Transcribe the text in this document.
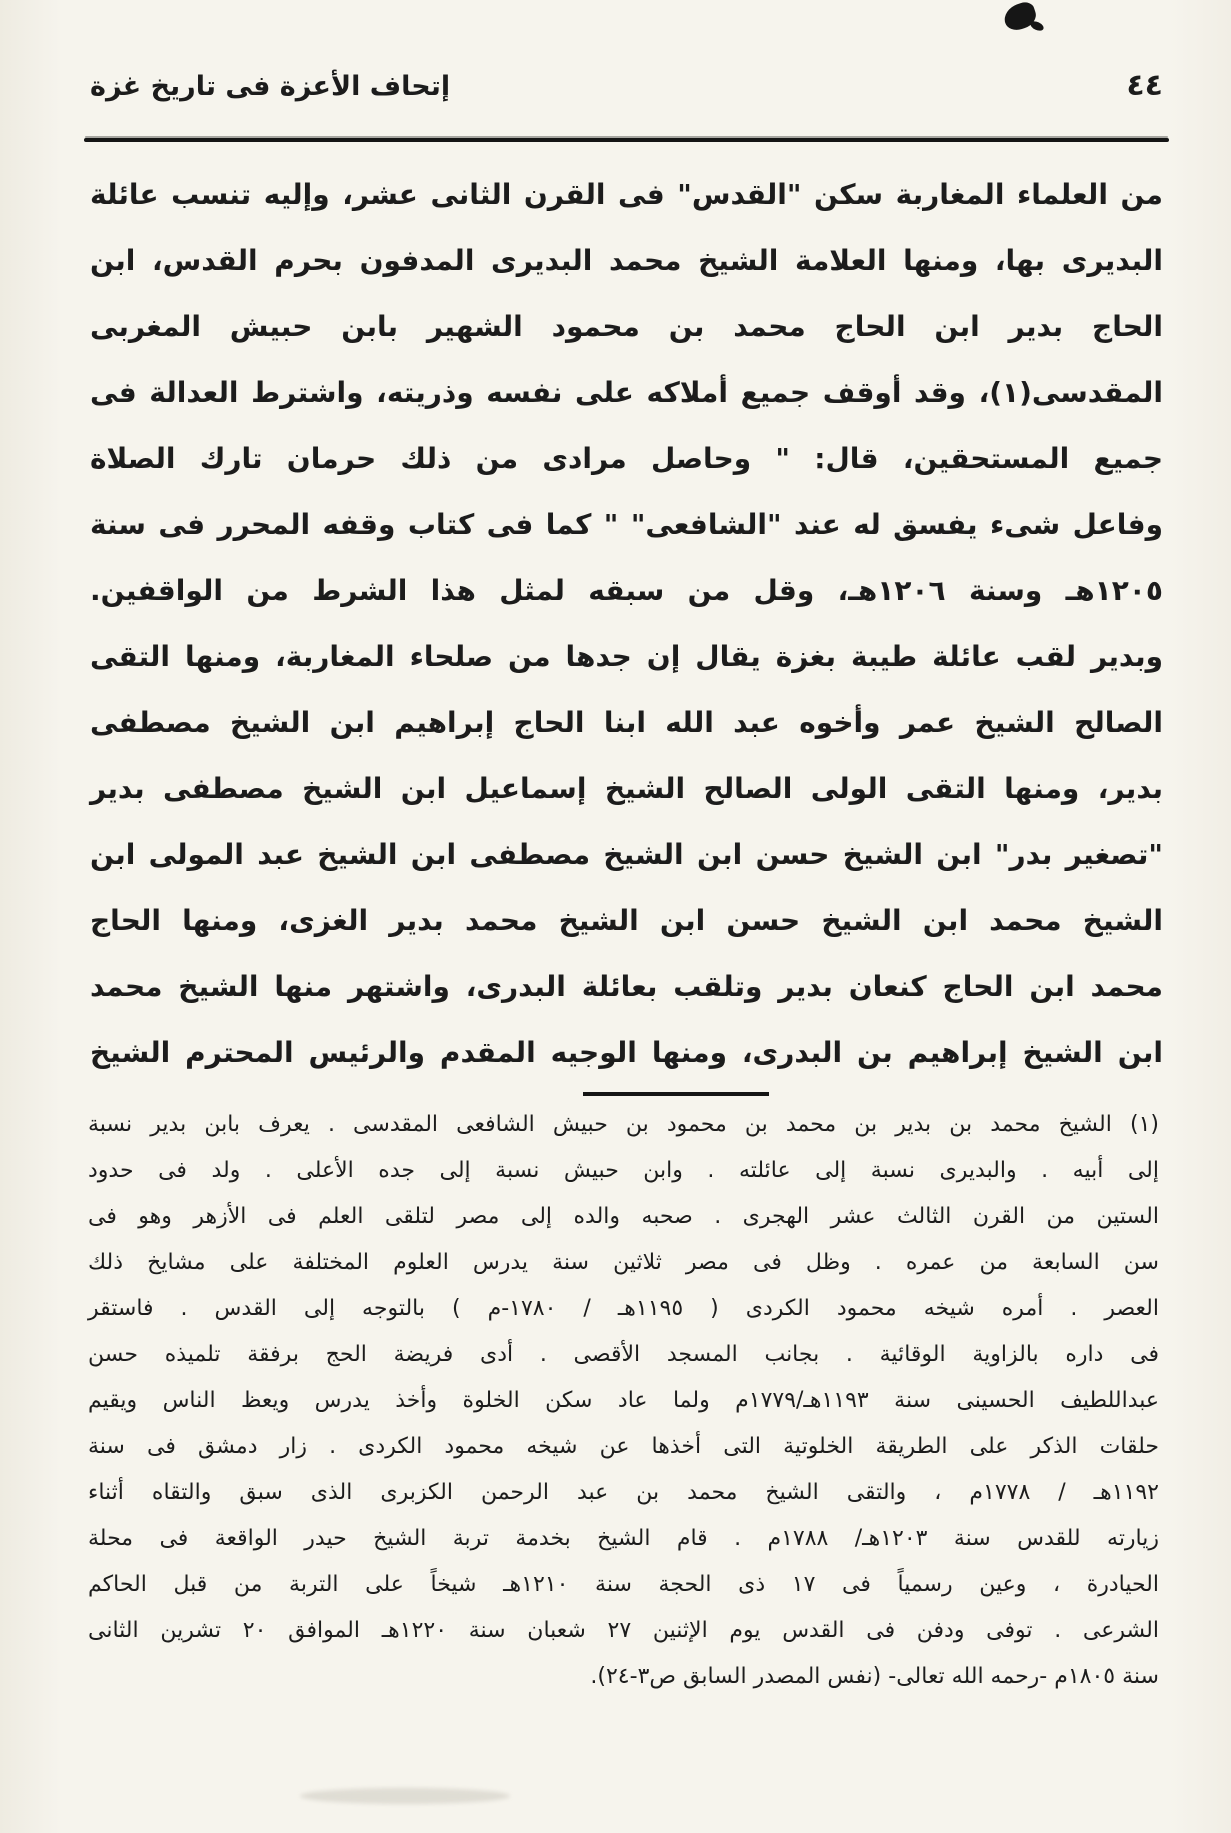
٤٤
إتحاف الأعزة فى تاريخ غزة
من العلماء المغاربة سكن "القدس" فى القرن الثانى عشر، وإليه تنسب عائلة
البديرى بها، ومنها العلامة الشيخ محمد البديرى المدفون بحرم القدس، ابن
الحاج بدير ابن الحاج محمد بن محمود الشهير بابن حبيش المغربى
المقدسى(١)، وقد أوقف جميع أملاكه على نفسه وذريته، واشترط العدالة فى
جميع المستحقين، قال: " وحاصل مرادى من ذلك حرمان تارك الصلاة
وفاعل شىء يفسق له عند "الشافعى" " كما فى كتاب وقفه المحرر فى سنة
١٢٠٥هـ وسنة ١٢٠٦هـ، وقل من سبقه لمثل هذا الشرط من الواقفين.
وبدير لقب عائلة طيبة بغزة يقال إن جدها من صلحاء المغاربة، ومنها التقى
الصالح الشيخ عمر وأخوه عبد الله ابنا الحاج إبراهيم ابن الشيخ مصطفى
بدير، ومنها التقى الولى الصالح الشيخ إسماعيل ابن الشيخ مصطفى بدير
"تصغير بدر" ابن الشيخ حسن ابن الشيخ مصطفى ابن الشيخ عبد المولى ابن
الشيخ محمد ابن الشيخ حسن ابن الشيخ محمد بدير الغزى، ومنها الحاج
محمد ابن الحاج كنعان بدير وتلقب بعائلة البدرى، واشتهر منها الشيخ محمد
ابن الشيخ إبراهيم بن البدرى، ومنها الوجيه المقدم والرئيس المحترم الشيخ
(١) الشيخ محمد بن بدير بن محمد بن محمود بن حبيش الشافعى المقدسى . يعرف بابن بدير نسبة
إلى أبيه . والبديرى نسبة إلى عائلته . وابن حبيش نسبة إلى جده الأعلى . ولد فى حدود
الستين من القرن الثالث عشر الهجرى . صحبه والده إلى مصر لتلقى العلم فى الأزهر وهو فى
سن السابعة من عمره . وظل فى مصر ثلاثين سنة يدرس العلوم المختلفة على مشايخ ذلك
العصر . أمره شيخه محمود الكردى ( ١١٩٥هـ / ١٧٨٠-م ) بالتوجه إلى القدس . فاستقر
فى داره بالزاوية الوقائية . بجانب المسجد الأقصى . أدى فريضة الحج برفقة تلميذه حسن
عبداللطيف الحسينى سنة ١١٩٣هـ/١٧٧٩م ولما عاد سكن الخلوة وأخذ يدرس ويعظ الناس ويقيم
حلقات الذكر على الطريقة الخلوتية التى أخذها عن شيخه محمود الكردى . زار دمشق فى سنة
١١٩٢هـ / ١٧٧٨م ، والتقى الشيخ محمد بن عبد الرحمن الكزبرى الذى سبق والتقاه أثناء
زيارته للقدس سنة ١٢٠٣هـ/ ١٧٨٨م . قام الشيخ بخدمة تربة الشيخ حيدر الواقعة فى محلة
الحيادرة ، وعين رسمياً فى ١٧ ذى الحجة سنة ١٢١٠هـ شيخاً على التربة من قبل الحاكم
الشرعى . توفى ودفن فى القدس يوم الإثنين ٢٧ شعبان سنة ١٢٢٠هـ الموافق ٢٠ تشرين الثانى
سنة ١٨٠٥م -رحمه الله تعالى- (نفس المصدر السابق ص٣-٢٤).
